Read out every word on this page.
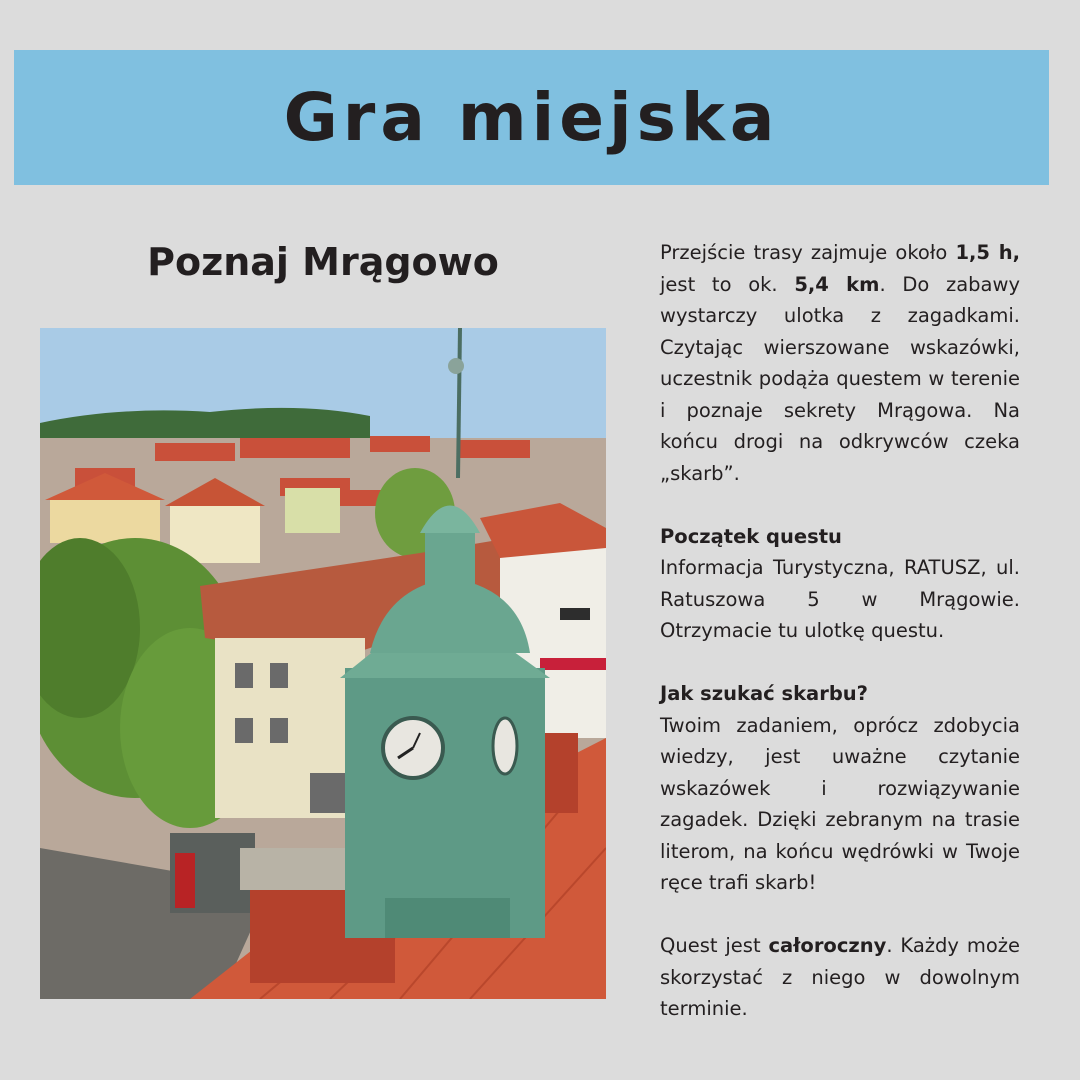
Gra miejska
Poznaj Mrągowo	Przejście trasy zajmuje około 1,5 h, jest to ok. 5,4 km. Do zabawy wystarczy ulotka z zagadkami. Czytając wierszowane wskazówki, uczestnik podąża questem w terenie i poznaje sekrety Mrągowa. Na końcu drogi na odkrywców czeka „skarb”.

Początek questu

Informacja Turystyczna, RATUSZ, ul. Ratuszowa 5 w Mrągowie. Otrzymacie tu ulotkę questu.

Jak szukać skarbu?

Twoim zadaniem, oprócz zdobycia wiedzy, jest uważne czytanie wskazówek i rozwiązywanie zagadek. Dzięki zebranym na trasie literom, na końcu wędrówki w Twoje ręce trafi skarb!

Quest jest całoroczny. Każdy może skorzystać z niego w dowolnym terminie.
